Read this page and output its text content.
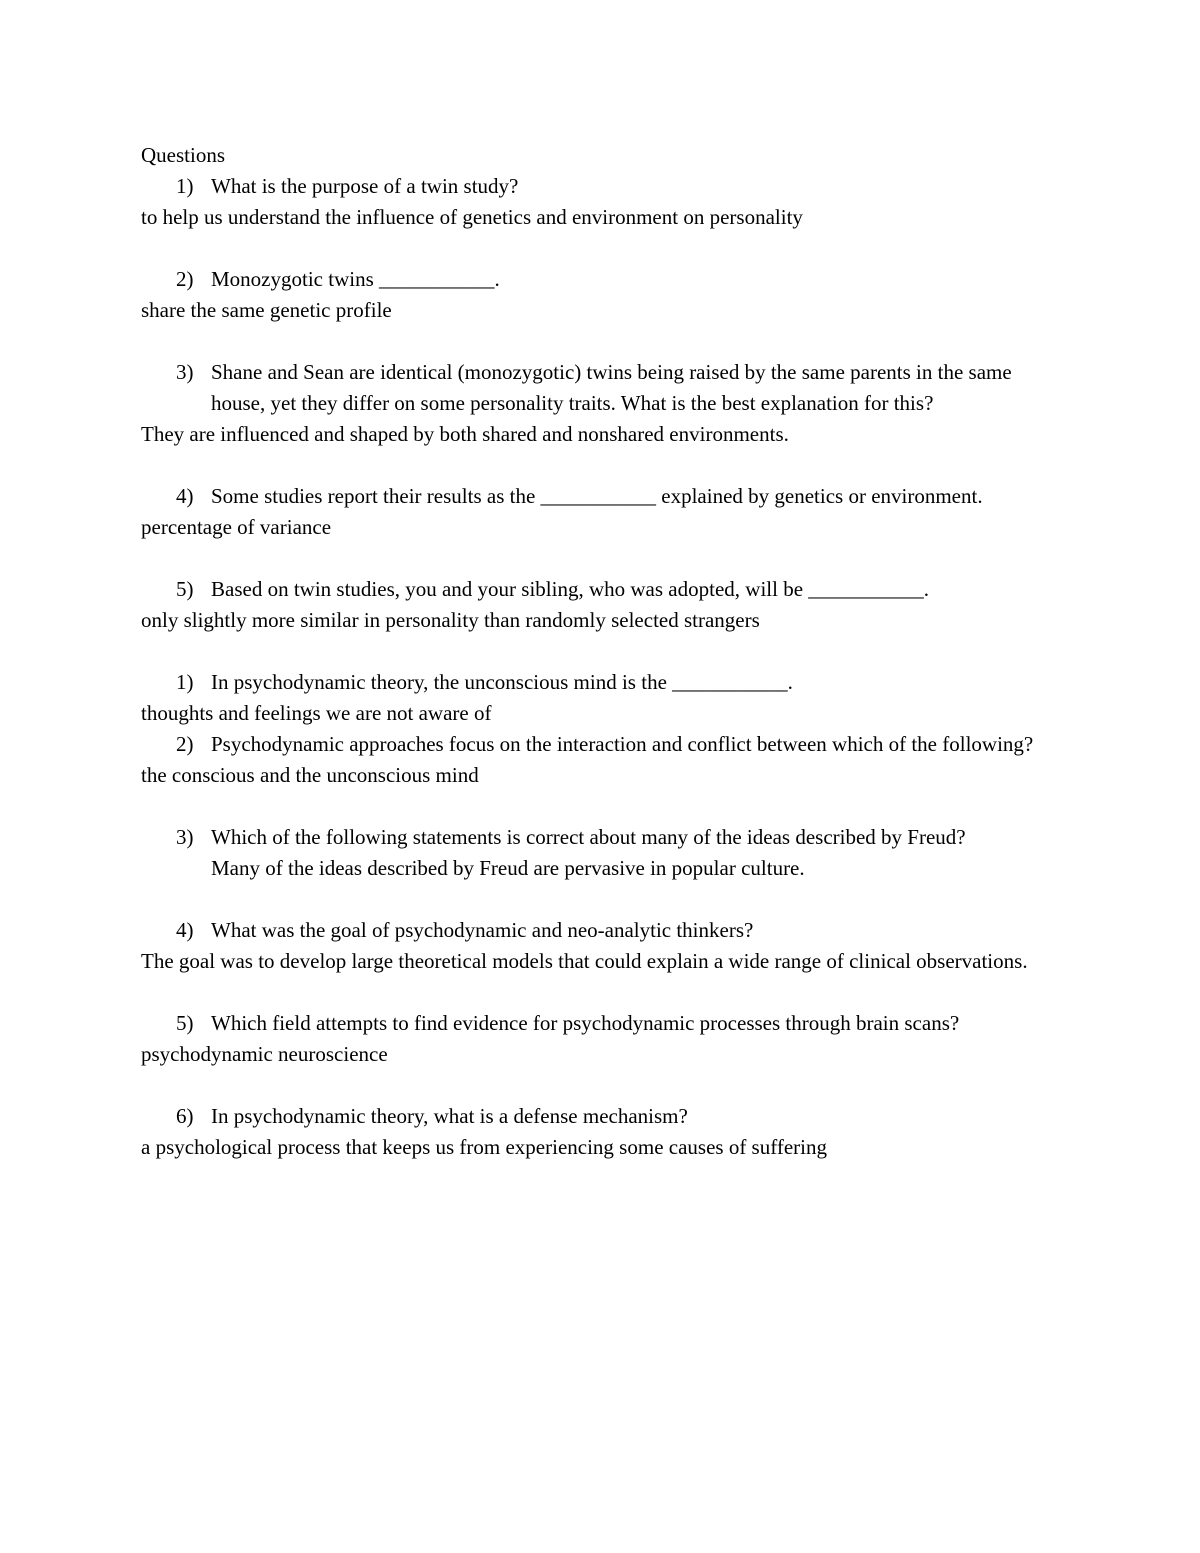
Questions

1) What is the purpose of a twin study?

to help us understand the influence of genetics and environment on personality

2) Monozygotic twins ___________.

share the same genetic profile

3) Shane and Sean are identical (monozygotic) twins being raised by the same parents in the same house, yet they differ on some personality traits. What is the best explanation for this?

They are influenced and shaped by both shared and nonshared environments.

4) Some studies report their results as the ___________ explained by genetics or environment.

percentage of variance

5) Based on twin studies, you and your sibling, who was adopted, will be ___________.

only slightly more similar in personality than randomly selected strangers

1) In psychodynamic theory, the unconscious mind is the ___________.

thoughts and feelings we are not aware of

2) Psychodynamic approaches focus on the interaction and conflict between which of the following?

the conscious and the unconscious mind

3) Which of the following statements is correct about many of the ideas described by Freud?

Many of the ideas described by Freud are pervasive in popular culture.

4) What was the goal of psychodynamic and neo-analytic thinkers?

The goal was to develop large theoretical models that could explain a wide range of clinical observations.

5) Which field attempts to find evidence for psychodynamic processes through brain scans?

psychodynamic neuroscience

6) In psychodynamic theory, what is a defense mechanism?

a psychological process that keeps us from experiencing some causes of suffering
